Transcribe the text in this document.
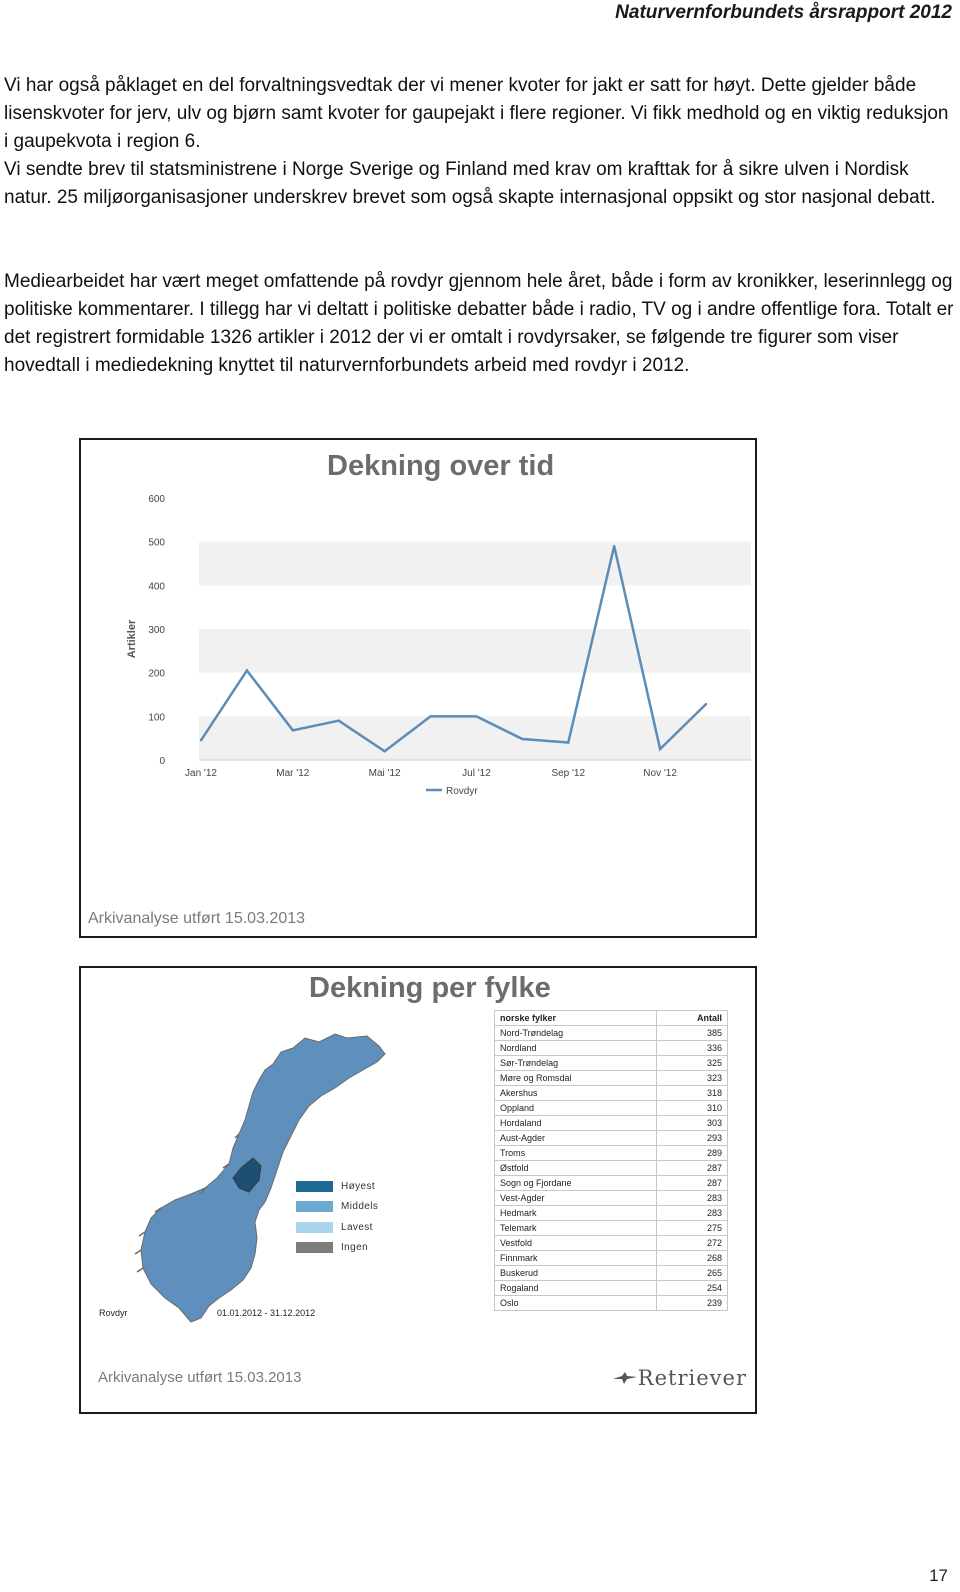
Naturvernforbundets årsrapport 2012
Vi har også påklaget en del forvaltningsvedtak der vi mener kvoter for jakt er satt for høyt. Dette gjelder både lisenskvoter for jerv, ulv og bjørn samt kvoter for gaupejakt i flere regioner. Vi fikk medhold og en viktig reduksjon i gaupekvota i region 6.
Vi sendte brev til statsministrene i Norge Sverige og Finland med krav om krafttak for å sikre ulven i Nordisk natur. 25 miljøorganisasjoner underskrev brevet som også skapte internasjonal oppsikt og stor nasjonal debatt.

Mediearbeidet har vært meget omfattende på rovdyr gjennom hele året, både i form av kronikker, leserinnlegg og politiske kommentarer. I tillegg har vi deltatt i politiske debatter både i radio, TV og i andre offentlige fora. Totalt er det registrert formidable 1326 artikler i 2012 der vi er omtalt i rovdyrsaker, se følgende tre figurer som viser hovedtall i mediedekning knyttet til naturvernforbundets arbeid med rovdyr i 2012.

Dekning over tid
0
100
200
300
400
500
600
Artikler
Jan '12	Mar '12	Mai '12	Jul '12	Sep '12	Nov '12
Rovdyr
Arkivanalyse utført 15.03.2013
Dekning per fylke
Høyest
Middels
Lavest
Ingen
Rovdyr	01.01.2012 - 31.12.2012
norske fylker	Antall
Nord-Trøndelag	385
Nordland	336
Sør-Trøndelag	325
Møre og Romsdal	323
Akershus	318
Oppland	310
Hordaland	303
Aust-Agder	293
Troms	289
Østfold	287
Sogn og Fjordane	287
Vest-Agder	283
Hedmark	283
Telemark	275
Vestfold	272
Finnmark	268
Buskerud	265
Rogaland	254
Oslo	239
Arkivanalyse utført 15.03.2013	Retriever
17
